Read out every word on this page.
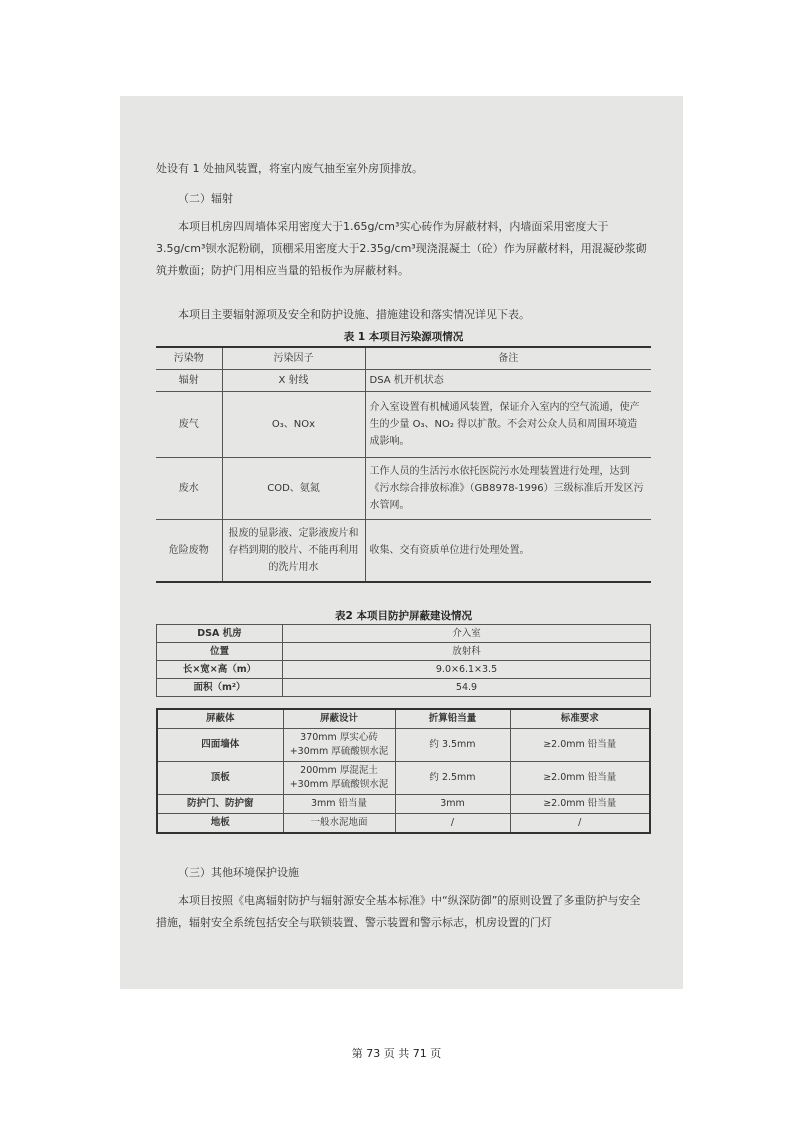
处设有 1 处抽风装置，将室内废气抽至室外房顶排放。

（二）辐射

本项目机房四周墙体采用密度大于1.65g/cm³实心砖作为屏蔽材料，内墙面采用密度大于3.5g/cm³钡水泥粉刷，顶棚采用密度大于2.35g/cm³现浇混凝土（砼）作为屏蔽材料，用混凝砂浆砌筑并敷面；防护门用相应当量的铅板作为屏蔽材料。

本项目主要辐射源项及安全和防护设施、措施建设和落实情况详见下表。

表 1 本项目污染源项情况
污染物	污染因子	备注
辐射	X 射线	DSA 机开机状态
废气	O₃、NOx	介入室设置有机械通风装置，保证介入室内的空气流通，使产生的少量 O₃、NO₂ 得以扩散。不会对公众人员和周围环境造成影响。
废水	COD、氨氮	工作人员的生活污水依托医院污水处理装置进行处理，达到《污水综合排放标准》（GB8978-1996）三级标准后开发区污水管网。
危险废物	报废的显影液、定影液废片和存档到期的胶片、不能再利用的洗片用水	收集、交有资质单位进行处理处置。
表2 本项目防护屏蔽建设情况
DSA 机房	介入室
位置	放射科
长×宽×高（m）	9.0×6.1×3.5
面积（m²）	54.9
屏蔽体	屏蔽设计	折算铅当量	标准要求
四面墙体	370mm 厚实心砖 +30mm 厚硫酸钡水泥	约 3.5mm	≥2.0mm 铅当量
顶板	200mm 厚混泥土 +30mm 厚硫酸钡水泥	约 2.5mm	≥2.0mm 铅当量
防护门、防护窗	3mm 铅当量	3mm	≥2.0mm 铅当量
地板	一般水泥地面	/	/
（三）其他环境保护设施

本项目按照《电离辐射防护与辐射源安全基本标准》中“纵深防御”的原则设置了多重防护与安全措施，辐射安全系统包括安全与联锁装置、警示装置和警示标志，机房设置的门灯

第 73 页 共 71 页
